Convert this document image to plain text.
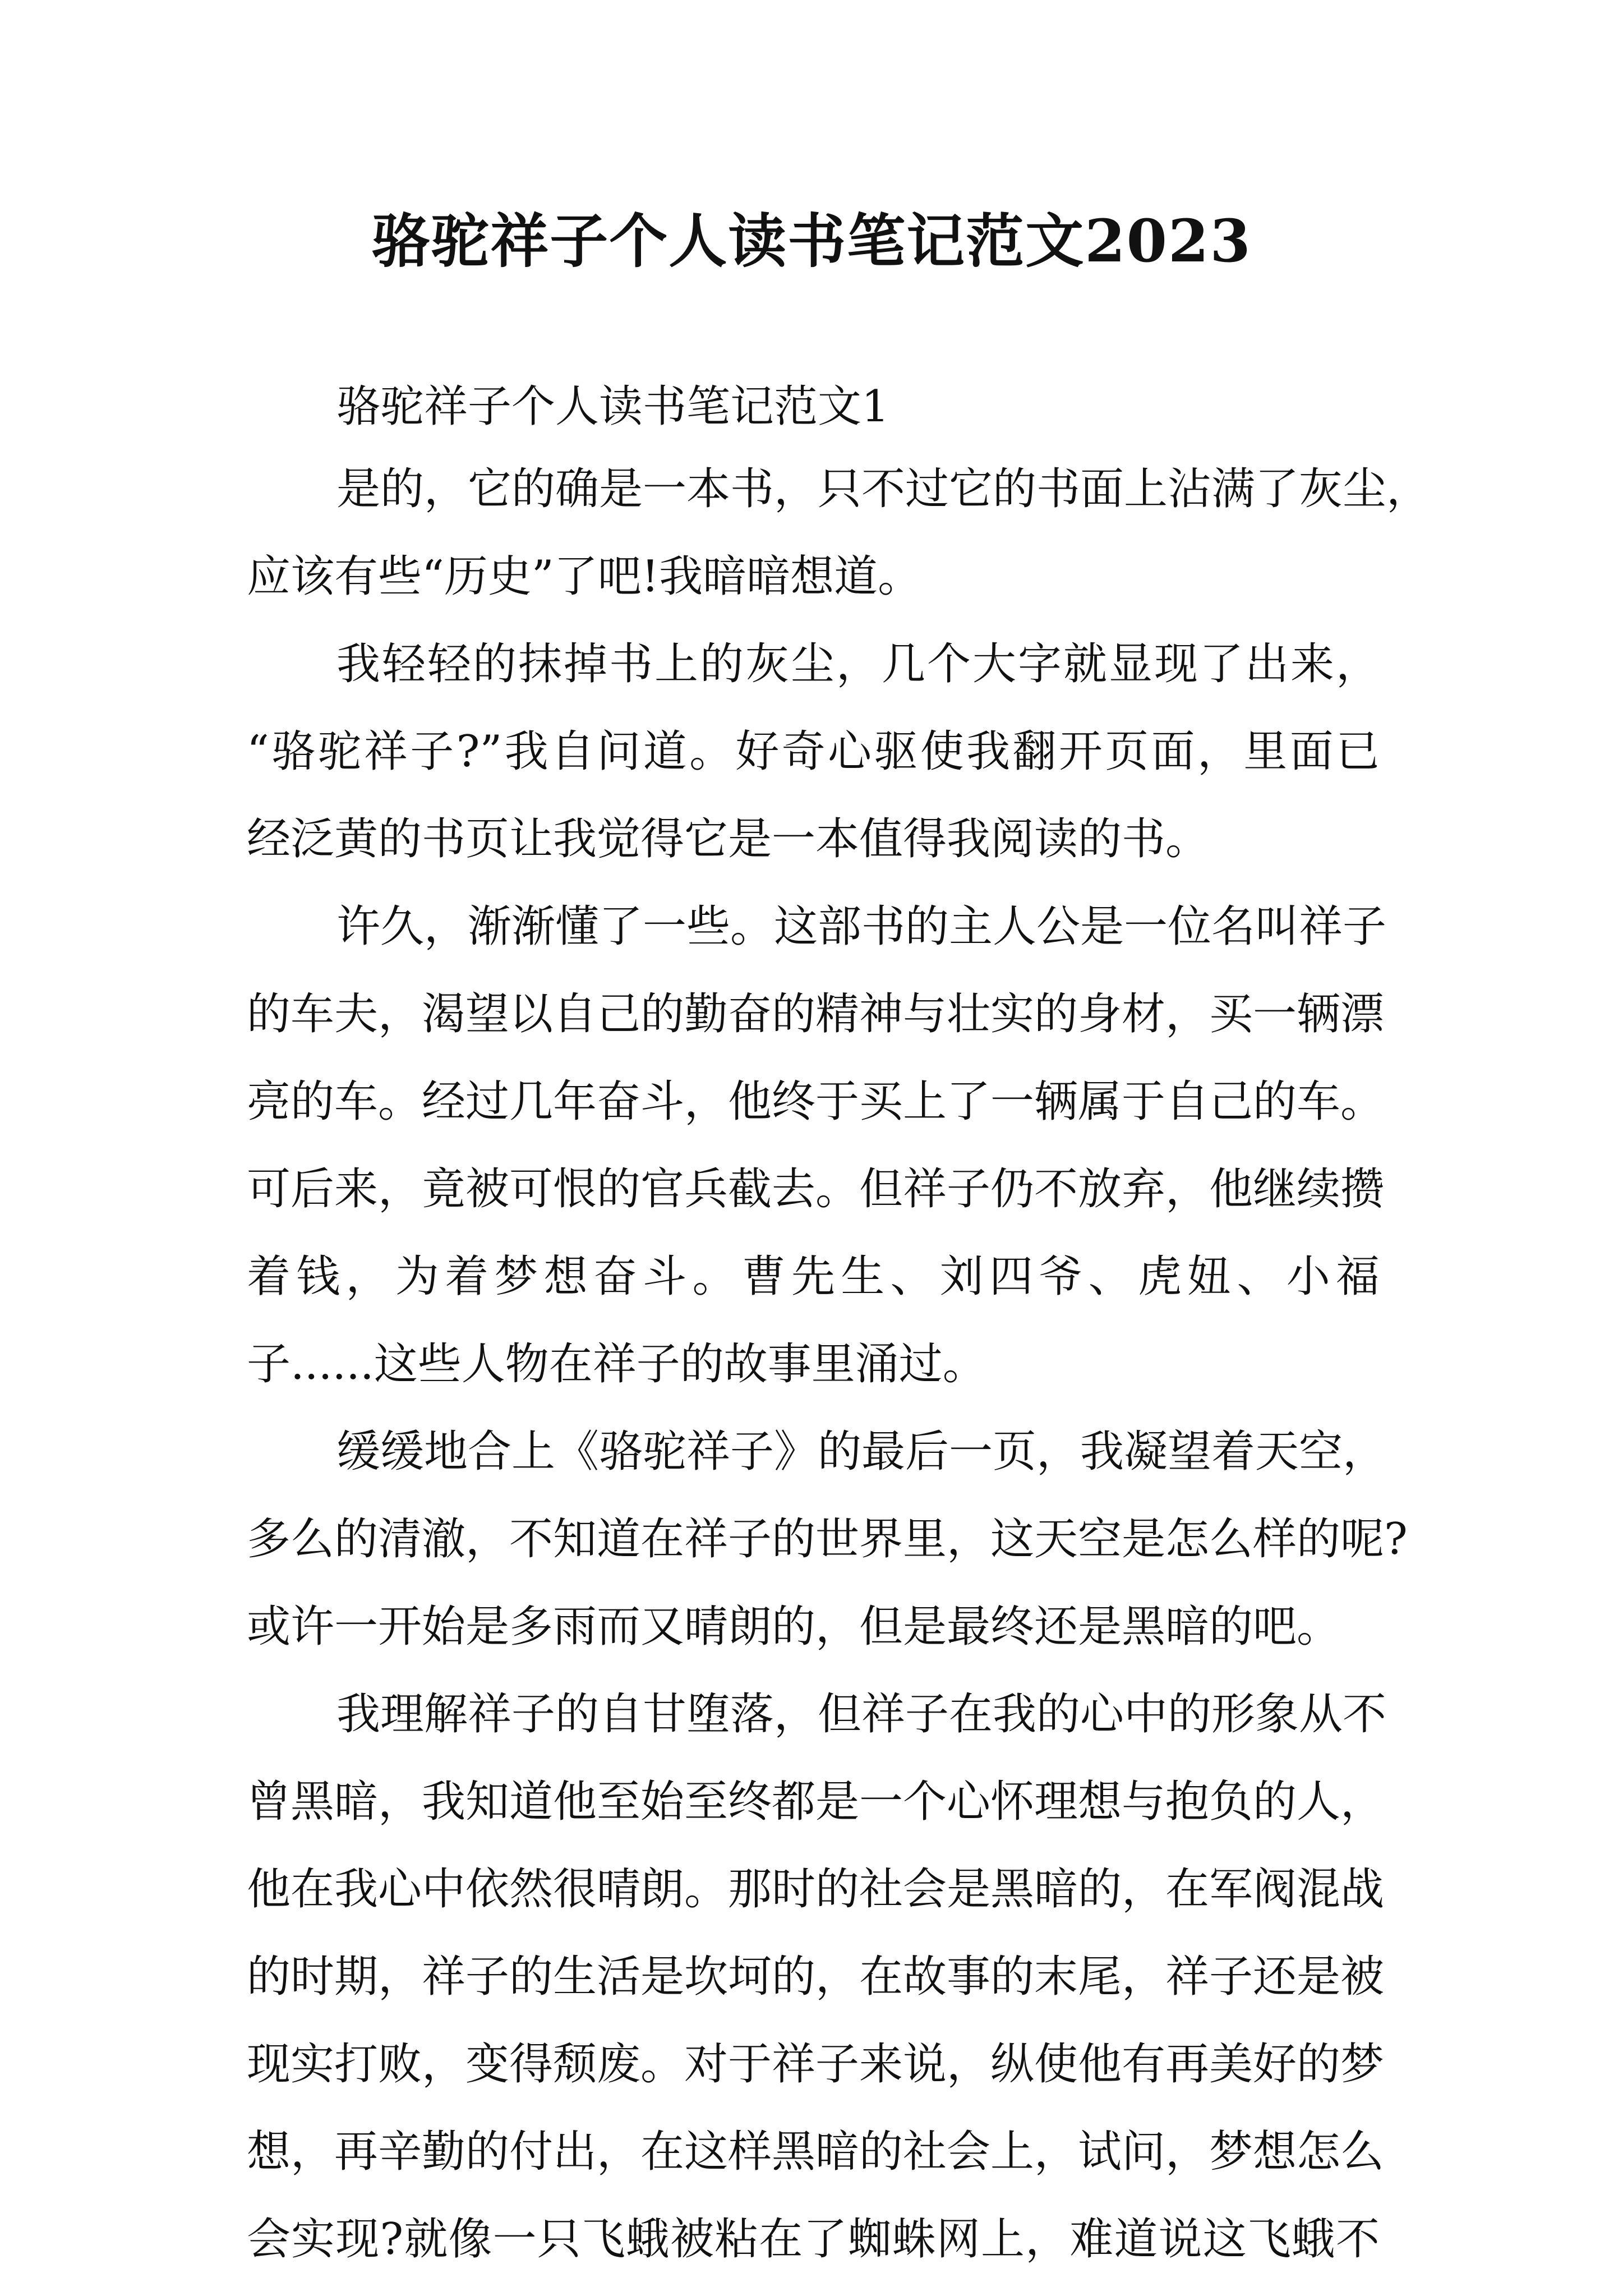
骆驼祥子个人读书笔记范文2023
骆驼祥子个人读书笔记范文1
是的，它的确是一本书，只不过它的书面上沾满了灰尘，
应该有些“历史”了吧!我暗暗想道。
我轻轻的抹掉书上的灰尘，几个大字就显现了出来，
“骆驼祥子?”我自问道。好奇心驱使我翻开页面，里面已
经泛黄的书页让我觉得它是一本值得我阅读的书。
许久，渐渐懂了一些。这部书的主人公是一位名叫祥子
的车夫，渴望以自己的勤奋的精神与壮实的身材，买一辆漂
亮的车。经过几年奋斗，他终于买上了一辆属于自己的车。
可后来，竟被可恨的官兵截去。但祥子仍不放弃，他继续攒
着钱，为着梦想奋斗。曹先生、刘四爷、虎妞、小福
子......这些人物在祥子的故事里涌过。
缓缓地合上《骆驼祥子》的最后一页，我凝望着天空，
多么的清澈，不知道在祥子的世界里，这天空是怎么样的呢?
或许一开始是多雨而又晴朗的，但是最终还是黑暗的吧。
我理解祥子的自甘堕落，但祥子在我的心中的形象从不
曾黑暗，我知道他至始至终都是一个心怀理想与抱负的人，
他在我心中依然很晴朗。那时的社会是黑暗的，在军阀混战
的时期，祥子的生活是坎坷的，在故事的末尾，祥子还是被
现实打败，变得颓废。对于祥子来说，纵使他有再美好的梦
想，再辛勤的付出，在这样黑暗的社会上，试问，梦想怎么
会实现?就像一只飞蛾被粘在了蜘蛛网上，难道说这飞蛾不
